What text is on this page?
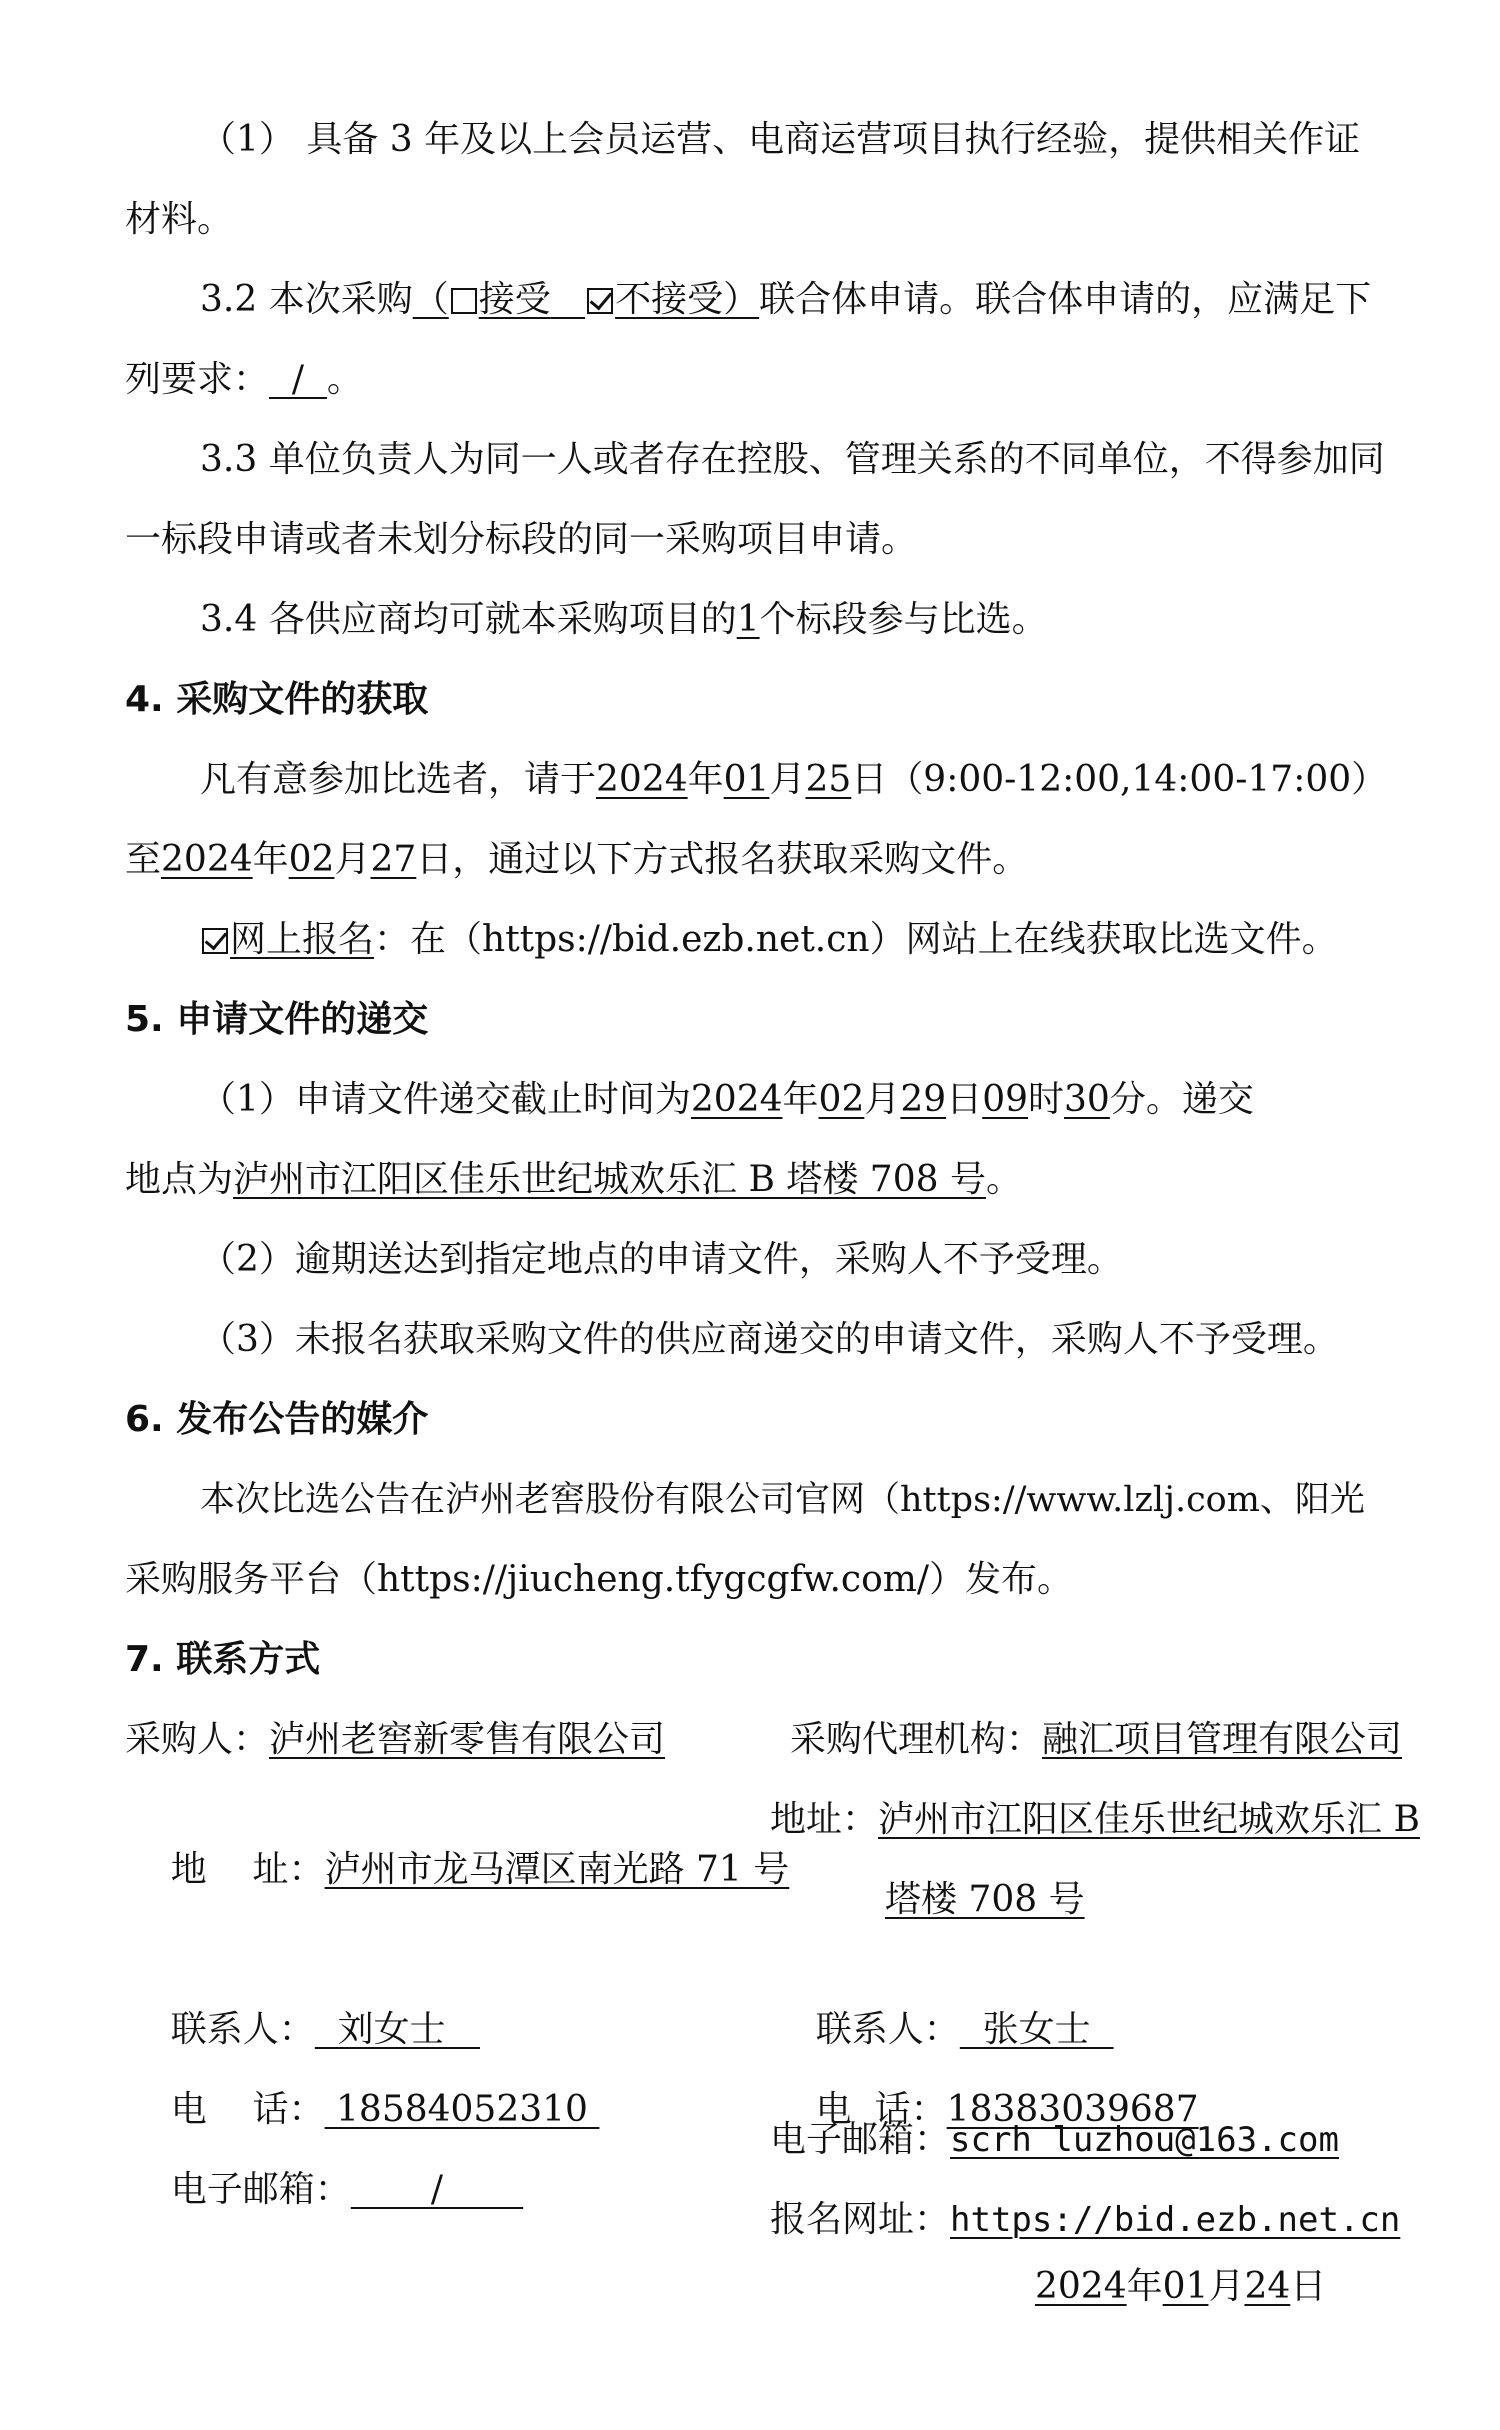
（1） 具备 3 年及以上会员运营、电商运营项目执行经验，提供相关作证
材料。
3.2 本次采购（ 接受 不接受）联合体申请。联合体申请的，应满足下
列要求：  /  。
3.3 单位负责人为同一人或者存在控股、管理关系的不同单位，不得参加同
一标段申请或者未划分标段的同一采购项目申请。
3.4 各供应商均可就本采购项目的1个标段参与比选。
4. 采购文件的获取
凡有意参加比选者，请于2024年01月25日（9:00-12:00,14:00-17:00）
至2024年02月27日，通过以下方式报名获取采购文件。
网上报名：在（https://bid.ezb.net.cn）网站上在线获取比选文件。
5. 申请文件的递交
（1）申请文件递交截止时间为2024年02月29日09时30分。递交
地点为泸州市江阳区佳乐世纪城欢乐汇 B 塔楼 708 号。
（2）逾期送达到指定地点的申请文件，采购人不予受理。
（3）未报名获取采购文件的供应商递交的申请文件，采购人不予受理。
6. 发布公告的媒介
本次比选公告在泸州老窖股份有限公司官网（https://www.lzlj.com、阳光
采购服务平台（https://jiucheng.tfygcgfw.com/）发布。
7. 联系方式
采购人：泸州老窖新零售有限公司	采购代理机构：融汇项目管理有限公司

地    址：泸州市龙马潭区南光路 71 号

地址：泸州市江阳区佳乐世纪城欢乐汇 B
塔楼 708 号

联系人：  刘女士
	联系人：  张女士

电    话： 18584052310
	电  话：18383039687

电子邮箱：       /

电子邮箱：scrh_luzhou@163.com
报名网址：https://bid.ezb.net.cn
2024年01月24日
